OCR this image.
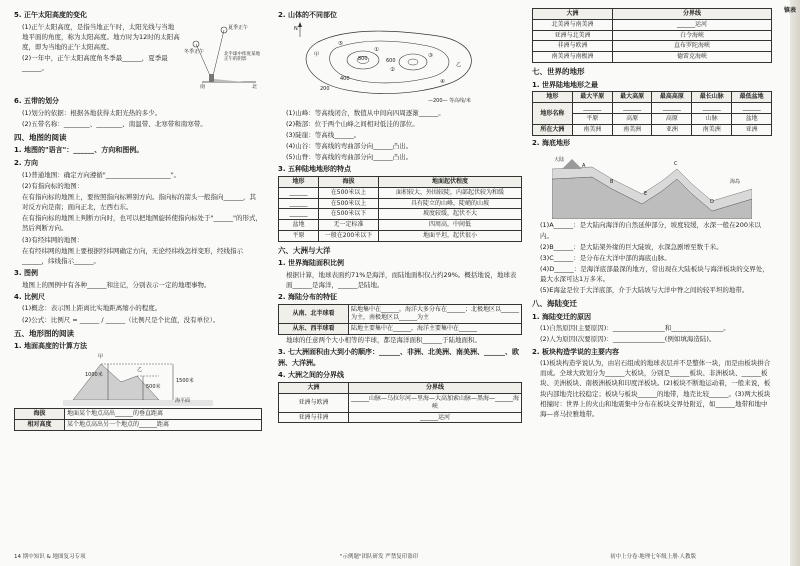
5. 正午太阳高度的变化
(1)正午太阳高度，是指当地正午时，太阳光线与当地地平面的角度，称为太阳高度。地方时为12时的太阳高度，即为当地的正午太阳高度。
(2)一年中，正午太阳高度角冬季最______，夏季最______。
夏季正午
冬季正午	北半球中纬度某地正午的阴影
南	北
6. 五带的划分
(1)划分的依据：根据各地获得太阳光热的多少。
(2)五带名称：________、________、南温带、北寒带和南寒带。
四、地图的阅读
1. 地图的"语言"：______、方向和图例。
2. 方向
(1)普通地图：确定方向遵循"____________________"。
(2)有指向标的地图：
在有指向标的地图上，要按照指向标辨别方向。指向标的箭头一般指向______，其对反方向是南；面向正北，左西右东。
在有指向标的地图上判断方向时，也可以把地图旋转使指向标处于"______"的形式，然后判断方向。
(3)有经纬网的地图：
在有经纬网的地图上要根据经纬网确定方向，无论经纬线怎样变形，经线指示______，纬线指示______。
3. 图例
地图上的图例中有各种______和注记，分别表示一定的地理事物。
4. 比例尺
(1)概念：表示图上距离比实地距离缩小的程度。
(2)公式：比例尺 = ______ / ______（比例尺是个比值，没有单位）。
五、地形图的阅读
1. 地面高度的计算方法
甲
1000米
500米
乙
1500米
海平面
海拔	地面某个地点高出______的垂直距离
相对高度	某个地点高出另一个地点的______距离
14 期中知识 & 地图复习专项
2. 山体的不同部位
N
200
400
600
800
①
②
③
④
⑤
甲
乙
—200— 等高线/米
(1)山峰：等高线闭合，数值从中间向四周逐渐______。
(2)鞍部：位于两个山峰之间相对低洼的部位。
(3)陡崖：等高线______。
(4)山谷：等高线的弯曲部分向______凸出。
(5)山脊：等高线的弯曲部分向______凸出。
3. 五种陆地地形的特点
地形	海拔	地面起伏程度
______	在500米以上	面积较大，外围较陡，内部起伏较为和缓
______	在500米以上	具有陡立的山峰，陡峭的山坡
______	在500米以下	坡度较缓，起伏不大
盆地	无一定标准	四周高，中间低
平原	一般在200米以下	地面平坦，起伏很小
六、大洲与大洋
1. 世界海陆面积比例
根据计算，地球表面约71%是海洋，而陆地面积仅占约29%。概括地说，地球表面______是海洋，______是陆地。
2. 海陆分布的特征
从南、北半球看	陆地集中在______，海洋大多分布在______；北极地区以______为主，南极地区以______为主
从东、西半球看	陆地主要集中在______，海洋主要集中在______
地球的任意两个大小相等的半球，都是海洋面积______于陆地面积。
3. 七大洲面积由大到小的顺序：______、非洲、北美洲、南美洲、______、欧洲、大洋洲。
4. 大洲之间的分界线
大洲	分界线
亚洲与欧洲	______山脉—乌拉尔河—里海—大高加索山脉—黑海—______海峡
亚洲与非洲	______运河
"示例题"团队研发 严禁复印盗印
大洲	分界线
北美洲与南美洲	______运河
亚洲与北美洲	白令海峡
非洲与欧洲	直布罗陀海峡
南美洲与南极洲	德雷克海峡
七、世界的地形
1. 世界陆地地形之最
地形	最大平原	最大高原	最高高原	最长山脉	最低盆地
地形名称	______	______	______	______	______
	平原	高原	高原	山脉	盆地
所在大洲	南美洲	南美洲	亚洲	南美洲	亚洲
2. 海底地形
A
B
C
D
E
海岛
大陆
(1)A______：是大陆向海洋的自然延伸部分，坡度较缓，水深一般在200米以内。
(2)B______：是大陆架外缘的巨大陡坡，水深急剧增至数千米。
(3)C______：是分布在大洋中部的海底山脉。
(4)D______：是海洋底部最深的地方，常出现在大陆板块与海洋板块的交界处，最大水深可达1万多米。
(5)E海盆是位于大洋底部，介于大陆坡与大洋中脊之间的较平坦的地带。
八、海陆变迁
1. 海陆变迁的原因
(1)自然原因(主要原因)：________________和________________。
(2)人为原因(次要原因)：________________(例如填海造陆)。
2. 板块构造学说的主要内容
(1)板块构造学说认为，由岩石组成的地球表层并不是整体一块，而是由板块拼合而成。全球大致划分为______大板块，分别是______板块、非洲板块、______板块、美洲板块、南极洲板块和印度洋板块。(2)板块不断地运动着，一般来说，板块内部地壳比较稳定；板块与板块______的地带，地壳比较______。(3)两大板块相撞时：世界上的火山和地震集中分布在板块交界处附近，如______地带和地中海—喜马拉雅地带。
初中上分卷·地理七年级上册·人教版
镇表
